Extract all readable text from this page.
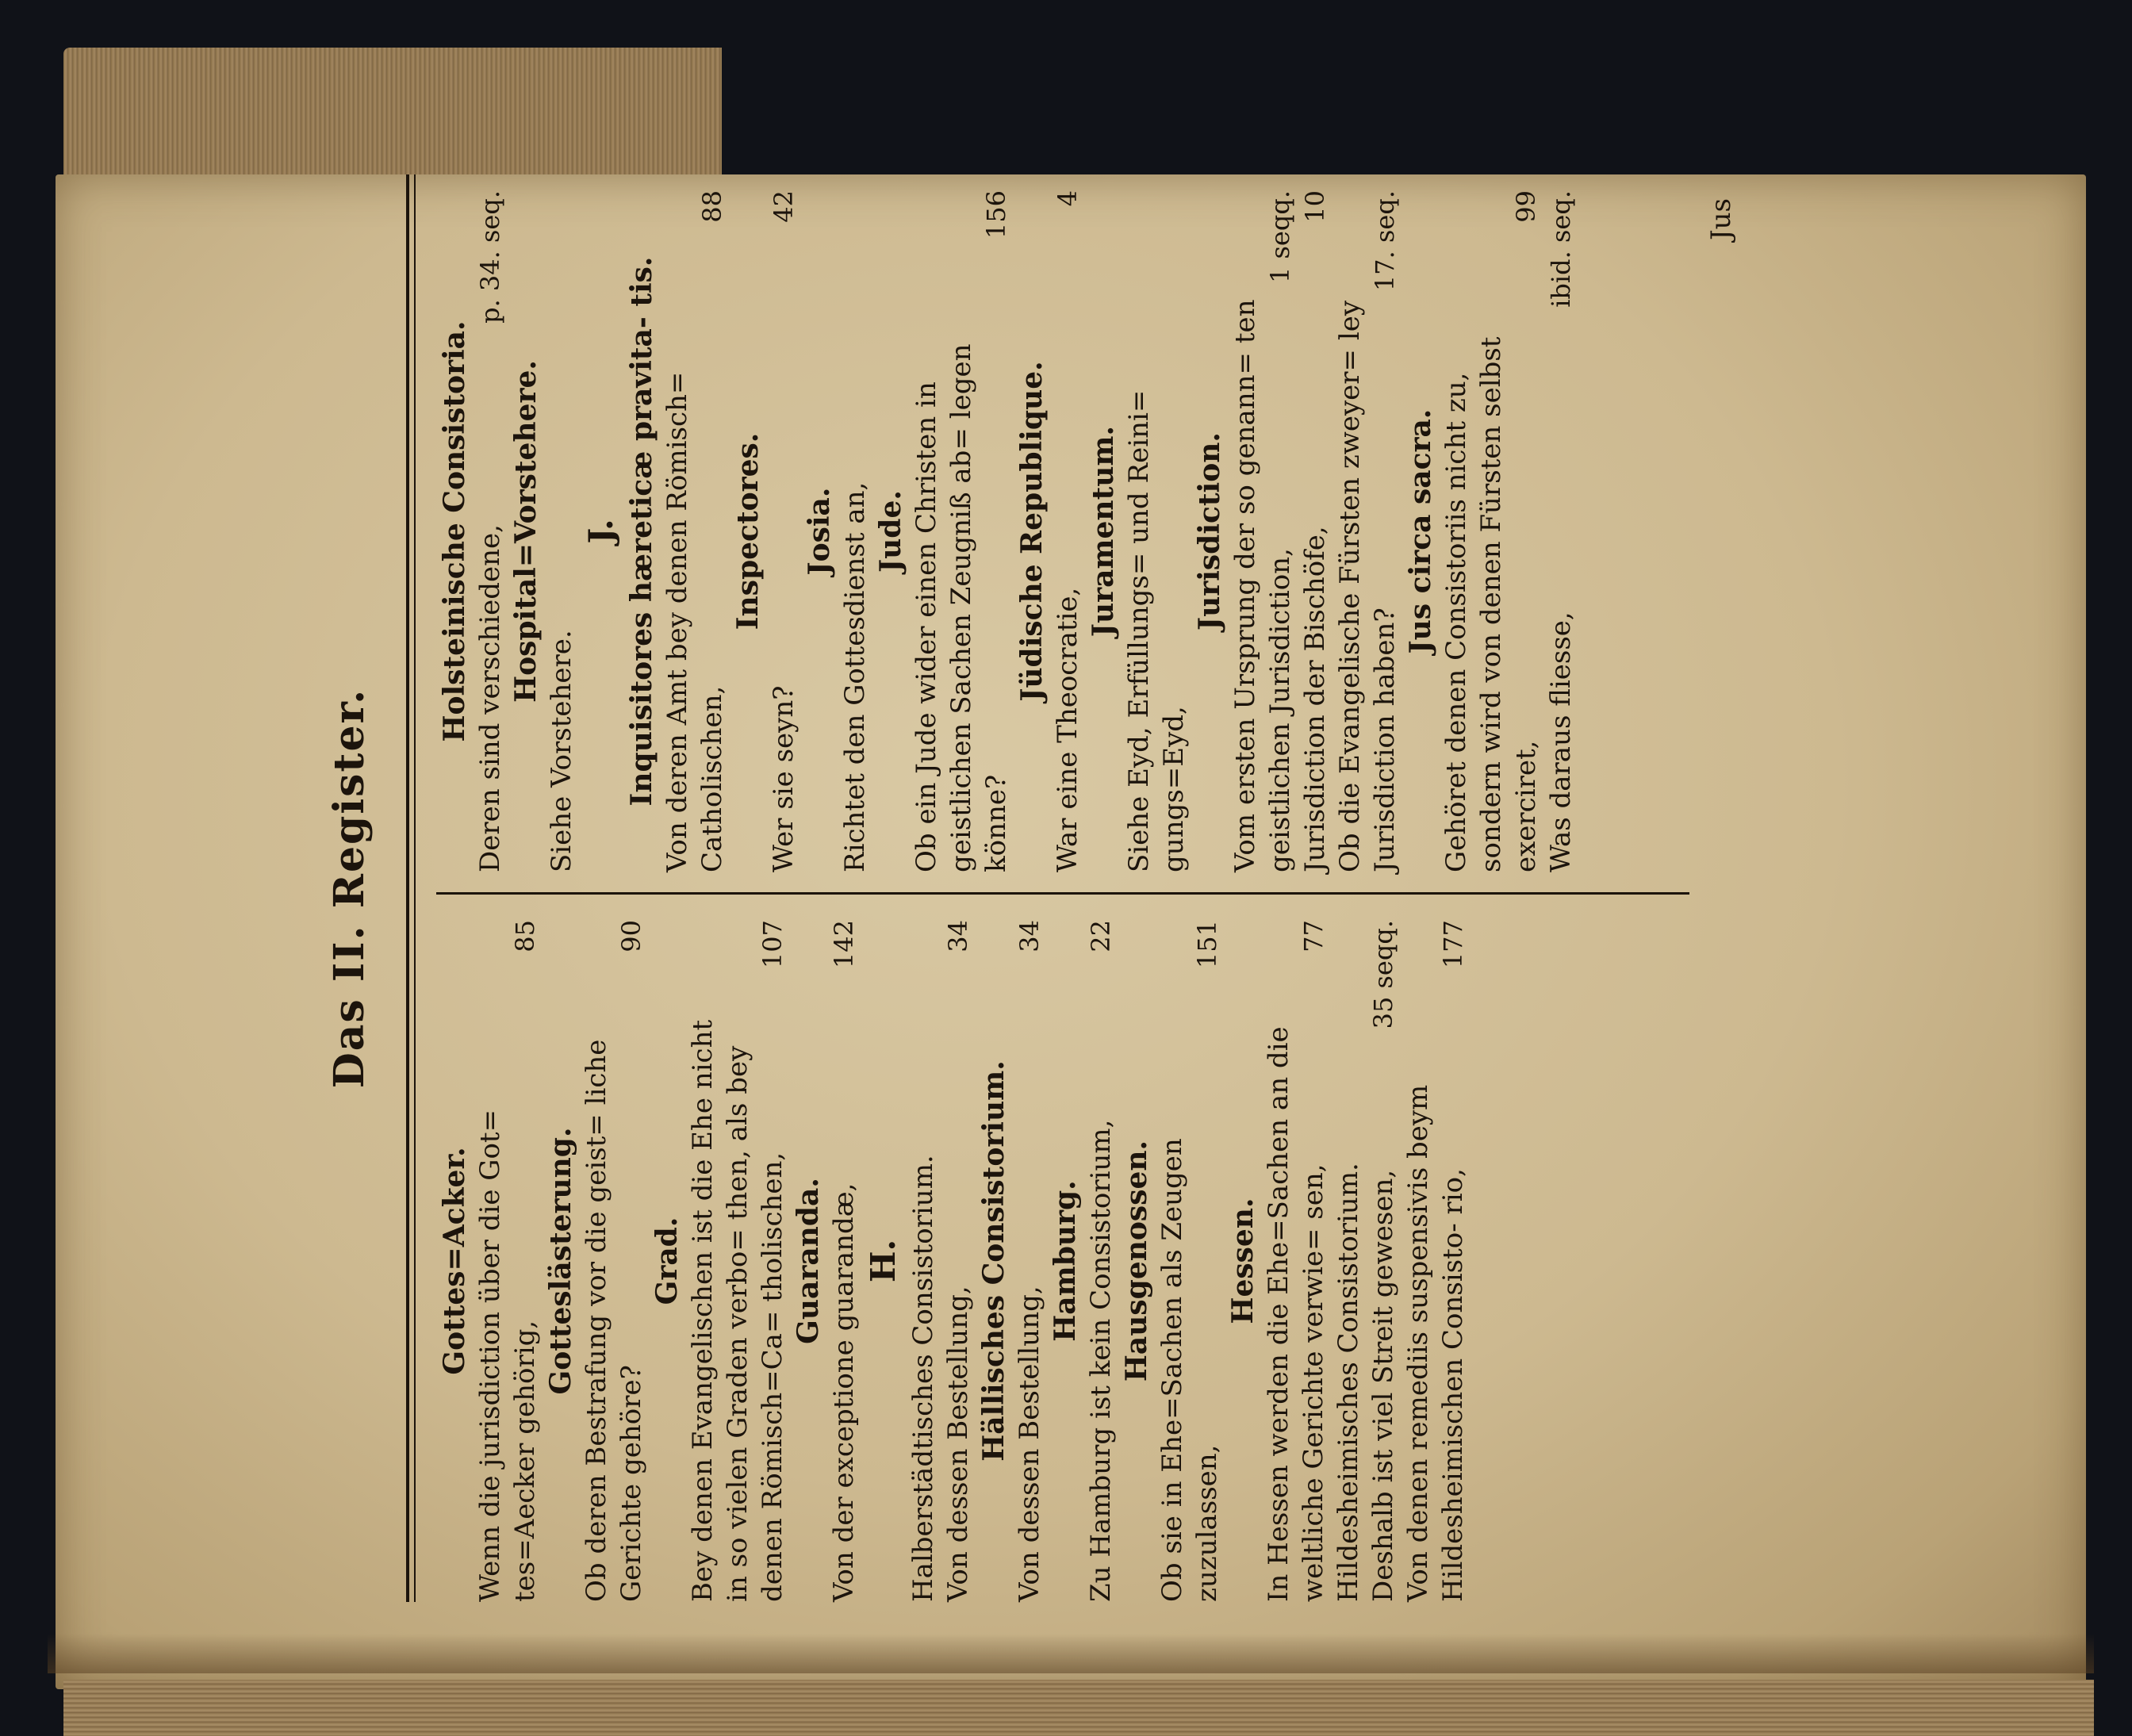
Das II. Register.
Gottes=Acker. Wenn die jurisdiction über die Got= tes=Aecker gehörig,
85
Gotteslästerung. Ob deren Bestrafung vor die geist= liche Gerichte gehöre?
90
Grad. Bey denen Evangelischen ist die Ehe nicht in so vielen Graden verbo= then, als bey denen Römisch=Ca= tholischen,
107
Guaranda. Von der exceptione guarandæ,
142
H. Halberstädtisches Consistorium. Von dessen Bestellung,
34
Hällisches Consistorium. Von dessen Bestellung,
34
Hamburg. Zu Hamburg ist kein Consistorium,
22
Hausgenossen. Ob sie in Ehe=Sachen als Zeugen zuzulassen,
151
Hessen. In Hessen werden die Ehe=Sachen an die weltliche Gerichte verwie= sen,
77
Hildesheimisches Consistorium. Deshalb ist viel Streit gewesen,
35 seqq.
Von denen remediis suspensivis beym Hildesheimischen Consisto- rio,
177
Holsteinische Consistoria. Deren sind verschiedene,
p. 34. seq.
Hospital=Vorstehere.
Siehe Vorstehere.
J. Inquisitores hæreticæ pravita- tis. Von deren Amt bey denen Römisch= Catholischen,
88
Inspectores.
Wer sie seyn?
42
Josia. Richtet den Gottesdienst an, Jude. Ob ein Jude wider einen Christen in geistlichen Sachen Zeugniß ab= legen könne?
156
Jüdische Republique.
War eine Theocratie,
4
Juramentum. Siehe Eyd, Erfüllungs= und Reini= gungs=Eyd,
Jurisdiction. Vom ersten Ursprung der so genann= ten geistlichen Jurisdiction,
1 seqq.
Jurisdiction der Bischöfe,
10
Ob die Evangelische Fürsten zweyer= ley Jurisdiction haben?
17. seq.
Jus circa sacra. Gehöret denen Consistoriis nicht zu, sondern wird von denen Fürsten selbst exerciret,
99
Was daraus fliesse,
ibid. seq.	Jus
